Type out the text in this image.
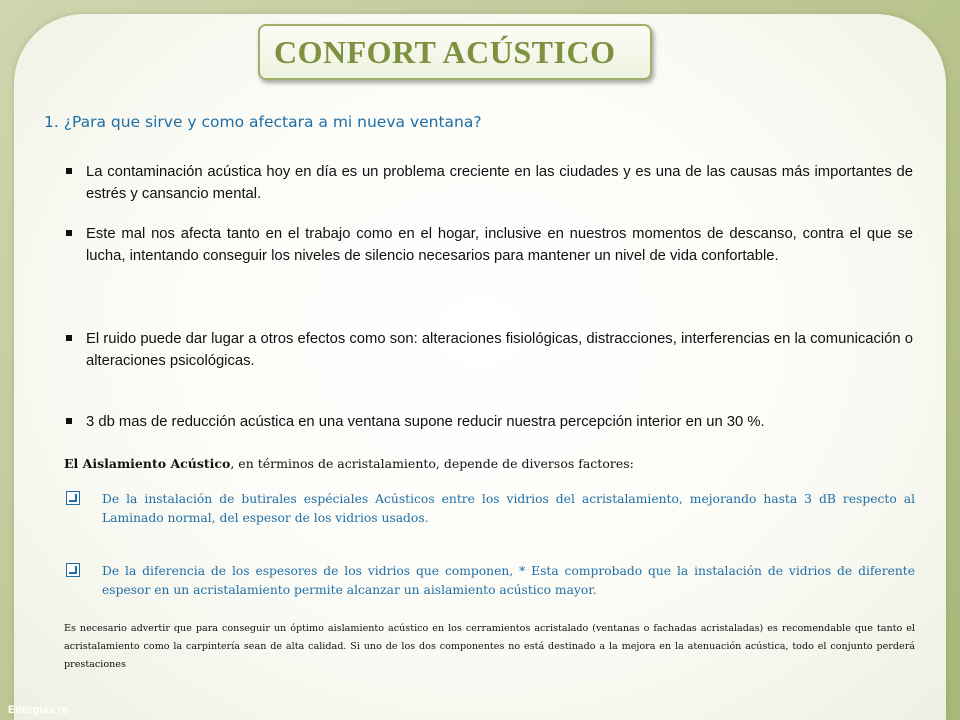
CONFORT ACÚSTICO
1. ¿Para que sirve y como afectara a mi nueva ventana?
La contaminación acústica hoy en día es un problema creciente en las ciudades y es una de las causas más importantes de estrés y cansancio mental.
Este mal nos afecta tanto en el trabajo como en el hogar, inclusive en nuestros momentos de descanso, contra el que se lucha, intentando conseguir los niveles de silencio necesarios para mantener un nivel de vida confortable.
El ruido puede dar lugar a otros efectos como son: alteraciones fisiológicas, distracciones, interferencias en la comunicación o alteraciones psicológicas.
3 db mas de reducción acústica en una ventana supone reducir nuestra percepción interior en un 30 %.
El Aislamiento Acústico, en términos de acristalamiento, depende de diversos factores:
De la instalación de butirales espéciales Acústicos entre los vidrios del acristalamiento, mejorando hasta 3 dB respecto al Laminado normal, del espesor de los vidrios usados.
De la diferencia de los espesores de los vidrios que componen, * Esta comprobado que la instalación de vidrios de diferente espesor en un acristalamiento permite alcanzar un aislamiento acústico mayor.
Es necesario advertir que para conseguir un óptimo aislamiento acústico en los cerramientos acristalado (ventanas o fachadas acristaladas) es recomendable que tanto el acristalamiento como la carpintería sean de alta calidad. Si uno de los dos componentes no está destinado a la mejora en la atenuación acústica, todo el conjunto perderá prestaciones
Energías re
